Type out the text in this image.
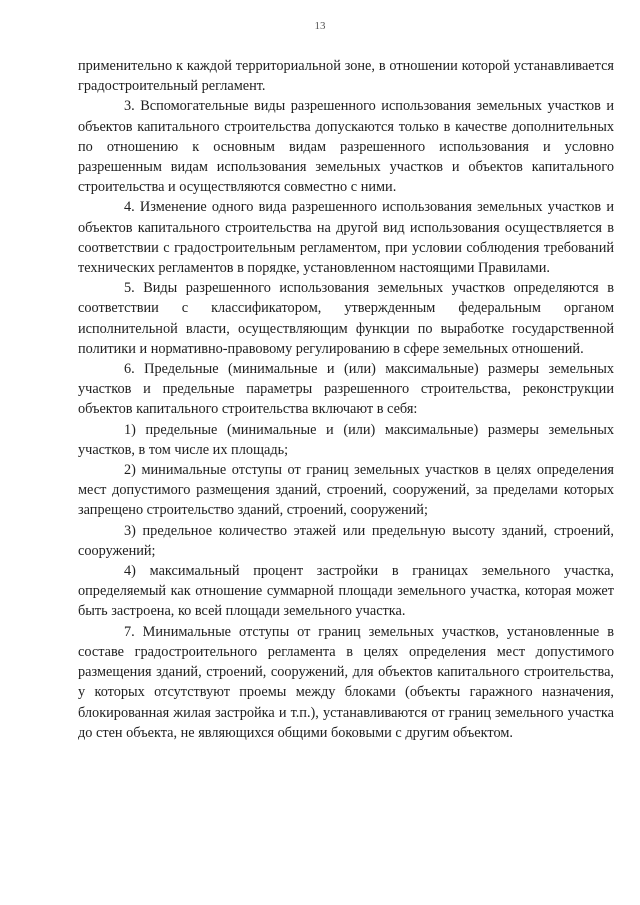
13

применительно к каждой территориальной зоне, в отношении которой устанавливается градостроительный регламент.

3. Вспомогательные виды разрешенного использования земельных участков и объектов капитального строительства допускаются только в качестве дополнительных по отношению к основным видам разрешенного использования и условно разрешенным видам использования земельных участков и объектов капитального строительства и осуществляются совместно с ними.

4. Изменение одного вида разрешенного использования земельных участков и объектов капитального строительства на другой вид использования осуществляется в соответствии с градостроительным регламентом, при условии соблюдения требований технических регламентов в порядке, установленном настоящими Правилами.

5. Виды разрешенного использования земельных участков определяются в соответствии с классификатором, утвержденным федеральным органом исполнительной власти, осуществляющим функции по выработке государственной политики и нормативно-правовому регулированию в сфере земельных отношений.

6. Предельные (минимальные и (или) максимальные) размеры земельных участков и предельные параметры разрешенного строительства, реконструкции объектов капитального строительства включают в себя:

1) предельные (минимальные и (или) максимальные) размеры земельных участков, в том числе их площадь;

2) минимальные отступы от границ земельных участков в целях определения мест допустимого размещения зданий, строений, сооружений, за пределами которых запрещено строительство зданий, строений, сооружений;

3) предельное количество этажей или предельную высоту зданий, строений, сооружений;

4) максимальный процент застройки в границах земельного участка, определяемый как отношение суммарной площади земельного участка, которая может быть застроена, ко всей площади земельного участка.

7. Минимальные отступы от границ земельных участков, установленные в составе градостроительного регламента в целях определения мест допустимого размещения зданий, строений, сооружений, для объектов капитального строительства, у которых отсутствуют проемы между блоками (объекты гаражного назначения, блокированная жилая застройка и т.п.), устанавливаются от границ земельного участка до стен объекта, не являющихся общими боковыми с другим объектом.
